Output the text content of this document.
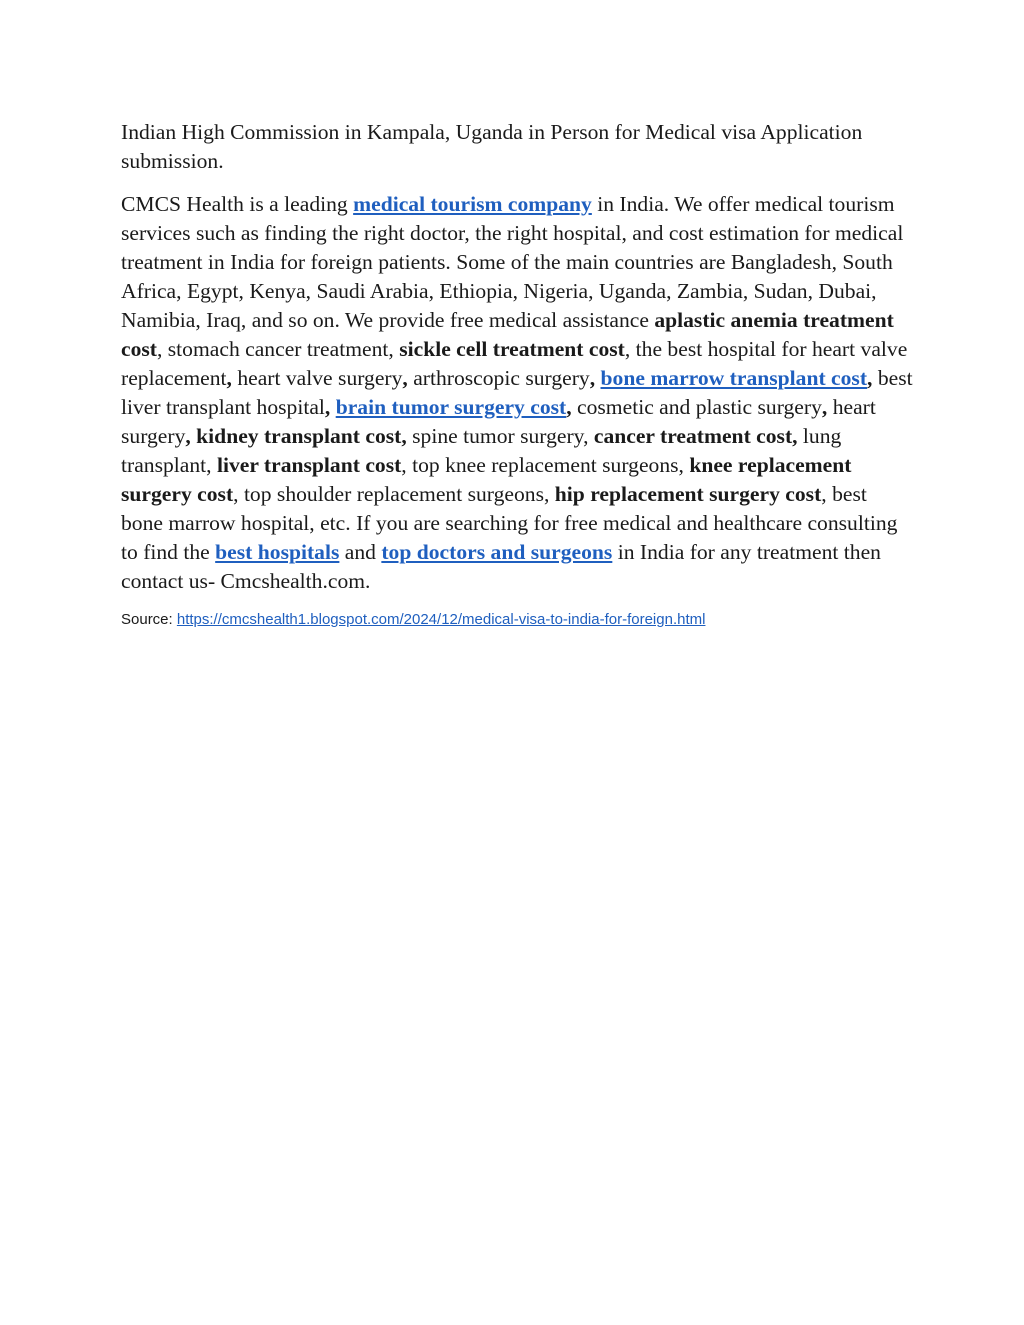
Indian High Commission in Kampala, Uganda in Person for Medical visa Application submission.

CMCS Health is a leading medical tourism company in India. We offer medical tourism services such as finding the right doctor, the right hospital, and cost estimation for medical treatment in India for foreign patients. Some of the main countries are Bangladesh, South Africa, Egypt, Kenya, Saudi Arabia, Ethiopia, Nigeria, Uganda, Zambia, Sudan, Dubai, Namibia, Iraq, and so on. We provide free medical assistance aplastic anemia treatment cost, stomach cancer treatment, sickle cell treatment cost, the best hospital for heart valve replacement, heart valve surgery, arthroscopic surgery, bone marrow transplant cost, best liver transplant hospital, brain tumor surgery cost, cosmetic and plastic surgery, heart surgery, kidney transplant cost, spine tumor surgery, cancer treatment cost, lung transplant, liver transplant cost, top knee replacement surgeons, knee replacement surgery cost, top shoulder replacement surgeons, hip replacement surgery cost, best bone marrow hospital, etc. If you are searching for free medical and healthcare consulting to find the best hospitals and top doctors and surgeons in India for any treatment then contact us- Cmcshealth.com.

Source: https://cmcshealth1.blogspot.com/2024/12/medical-visa-to-india-for-foreign.html
